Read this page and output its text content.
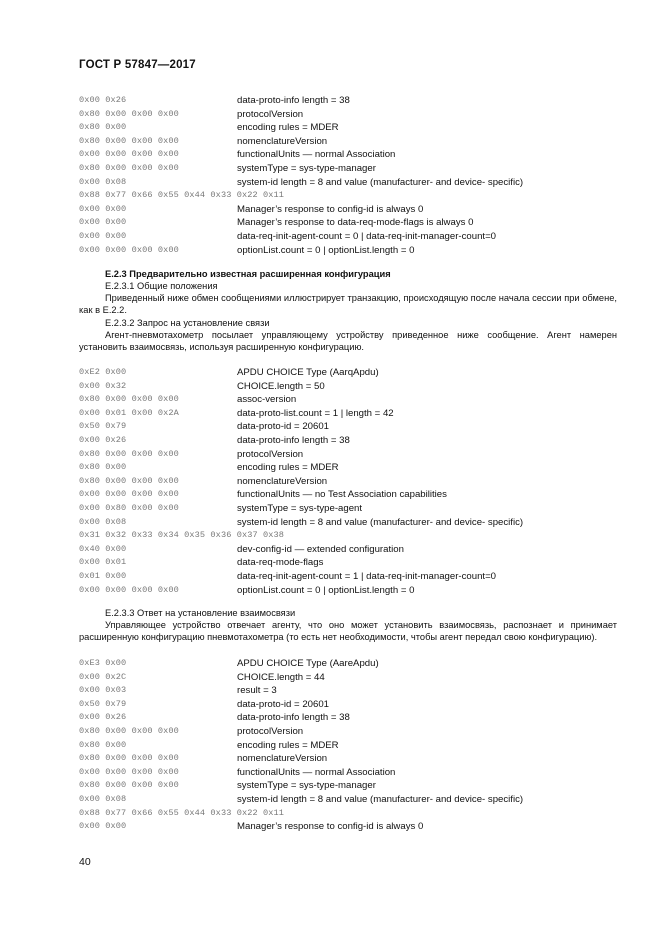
ГОСТ Р 57847—2017
0x00 0x26	data-proto-info length = 38
0x80 0x00 0x00 0x00	protocolVersion
0x80 0x00	encoding rules = MDER
0x80 0x00 0x00 0x00	nomenclatureVersion
0x00 0x00 0x00 0x00	functionalUnits — normal Association
0x80 0x00 0x00 0x00	systemType = sys-type-manager
0x00 0x08	system-id length = 8 and value (manufacturer- and device- specific)
0x88 0x77 0x66 0x55 0x44 0x33 0x22 0x11
0x00 0x00	Manager’s response to config-id is always 0
0x00 0x00	Manager’s response to data-req-mode-flags is always 0
0x00 0x00	data-req-init-agent-count = 0 | data-req-init-manager-count=0
0x00 0x00 0x00 0x00	optionList.count = 0 | optionList.length = 0
Е.2.3 Предварительно известная расширенная конфигурация
Е.2.3.1 Общие положения
Приведенный ниже обмен сообщениями иллюстрирует транзакцию, происходящую после начала сессии при обмене, как в Е.2.2.
Е.2.3.2 Запрос на установление связи
Агент-пневмотахометр посылает управляющему устройству приведенное ниже сообщение. Агент намерен установить взаимосвязь, используя расширенную конфигурацию.
0xE2 0x00	APDU CHOICE Type (AarqApdu)
0x00 0x32	CHOICE.length = 50
0x80 0x00 0x00 0x00	assoc-version
0x00 0x01 0x00 0x2A	data-proto-list.count = 1 | length = 42
0x50 0x79	data-proto-id = 20601
0x00 0x26	data-proto-info length = 38
0x80 0x00 0x00 0x00	protocolVersion
0x80 0x00	encoding rules = MDER
0x80 0x00 0x00 0x00	nomenclatureVersion
0x00 0x00 0x00 0x00	functionalUnits — no Test Association capabilities
0x00 0x80 0x00 0x00	systemType = sys-type-agent
0x00 0x08	system-id length = 8 and value (manufacturer- and device- specific)
0x31 0x32 0x33 0x34 0x35 0x36 0x37 0x38
0x40 0x00	dev-config-id — extended configuration
0x00 0x01	data-req-mode-flags
0x01 0x00	data-req-init-agent-count = 1 | data-req-init-manager-count=0
0x00 0x00 0x00 0x00	optionList.count = 0 | optionList.length = 0
Е.2.3.3 Ответ на установление взаимосвязи
Управляющее устройство отвечает агенту, что оно может установить взаимосвязь, распознает и принимает расширенную конфигурацию пневмотахометра (то есть нет необходимости, чтобы агент передал свою конфигурацию).
0xE3 0x00	APDU CHOICE Type (AareApdu)
0x00 0x2C	CHOICE.length = 44
0x00 0x03	result = 3
0x50 0x79	data-proto-id = 20601
0x00 0x26	data-proto-info length = 38
0x80 0x00 0x00 0x00	protocolVersion
0x80 0x00	encoding rules = MDER
0x80 0x00 0x00 0x00	nomenclatureVersion
0x00 0x00 0x00 0x00	functionalUnits — normal Association
0x80 0x00 0x00 0x00	systemType = sys-type-manager
0x00 0x08	system-id length = 8 and value (manufacturer- and device- specific)
0x88 0x77 0x66 0x55 0x44 0x33 0x22 0x11
0x00 0x00	Manager’s response to config-id is always 0
40
